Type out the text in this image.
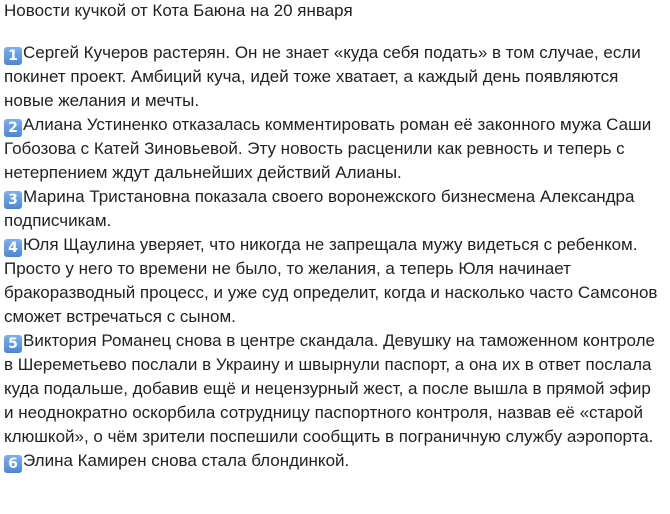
Новости кучкой от Кота Баюна на 20 января

1 Сергей Кучеров растерян. Он не знает «куда себя подать» в том случае, если покинет проект. Амбиций куча, идей тоже хватает, а каждый день появляются новые желания и мечты.

2 Алиана Устиненко отказалась комментировать роман её законного мужа Саши Гобозова с Катей Зиновьевой. Эту новость расценили как ревность и теперь с нетерпением ждут дальнейших действий Алианы.

3 Марина Тристановна показала своего воронежского бизнесмена Александра подписчикам.

4 Юля Щаулина уверяет, что никогда не запрещала мужу видеться с ребенком. Просто у него то времени не было, то желания, а теперь Юля начинает бракоразводный процесс, и уже суд определит, когда и насколько часто Самсонов сможет встречаться с сыном.

5 Виктория Романец снова в центре скандала. Девушку на таможенном контроле в Шереметьево послали в Украину и швырнули паспорт, а она их в ответ послала куда подальше, добавив ещё и нецензурный жест, а после вышла в прямой эфир и неоднократно оскорбила сотрудницу паспортного контроля, назвав её «старой клюшкой», о чём зрители поспешили сообщить в пограничную службу аэропорта.

6 Элина Камирен снова стала блондинкой.
